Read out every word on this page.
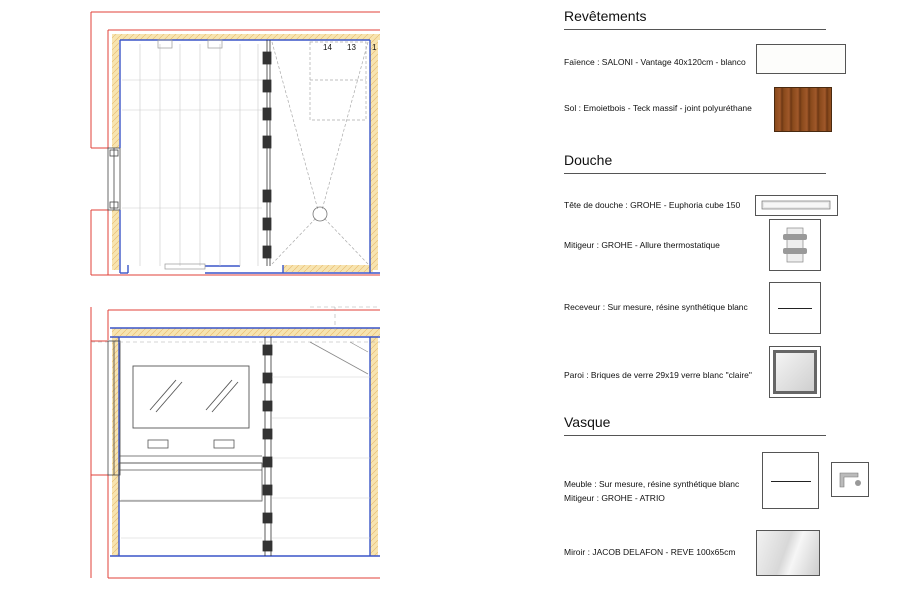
14 13 1
Revêtements
Faïence : SALONI - Vantage 40x120cm - blanco
Sol : Emoietbois - Teck massif - joint polyuréthane
Douche
Tête de douche : GROHE - Euphoria cube 150
Mitigeur : GROHE - Allure thermostatique
Receveur : Sur mesure, résine synthétique blanc
Paroi : Briques de verre 29x19 verre blanc "claire"
Vasque
Meuble : Sur mesure, résine synthétique blanc
Mitigeur : GROHE - ATRIO
Miroir : JACOB DELAFON - REVE 100x65cm
